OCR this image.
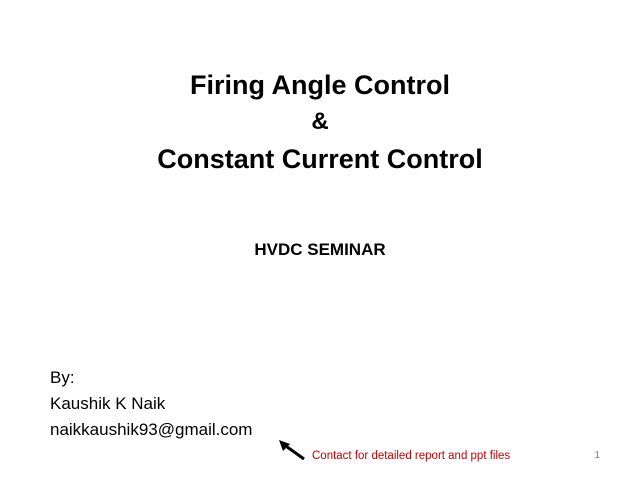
Firing Angle Control
&
Constant Current Control
HVDC SEMINAR
By:
Kaushik K Naik
naikkaushik93@gmail.com
Contact for detailed report and ppt files	1
